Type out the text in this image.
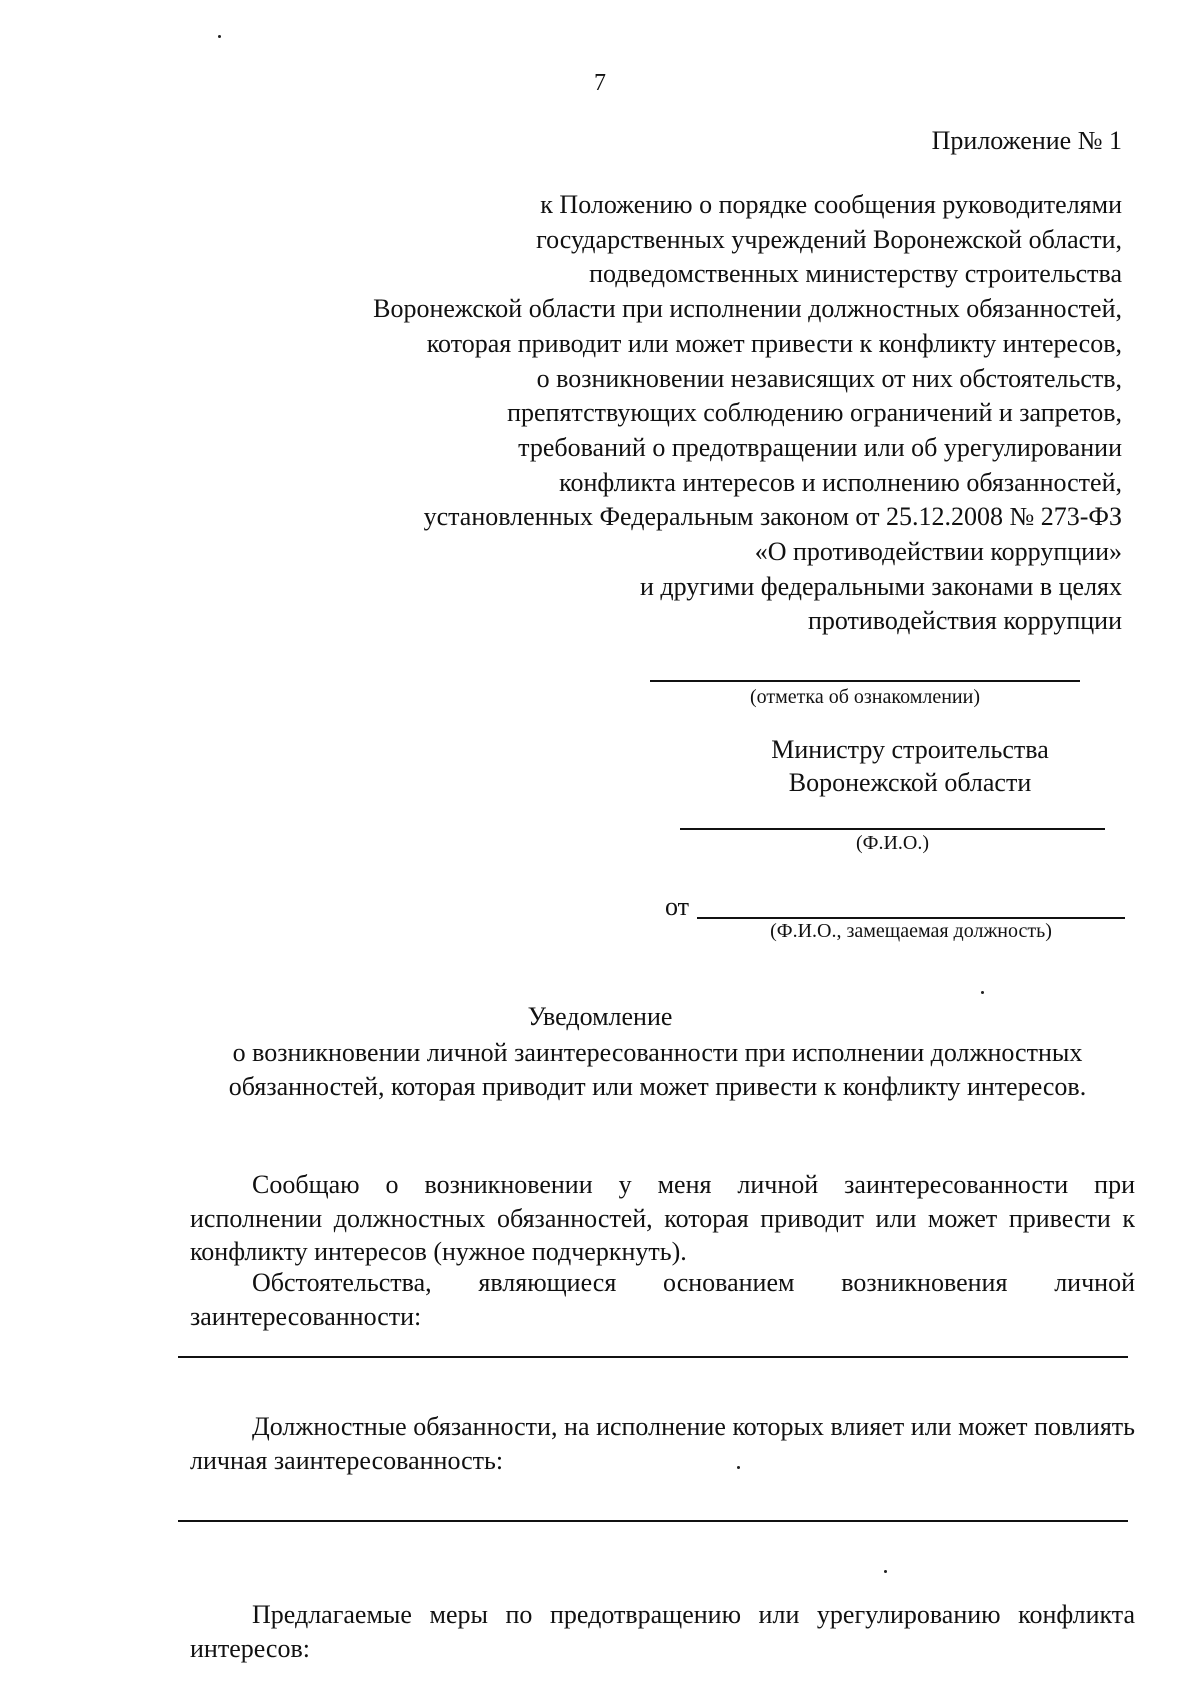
7
Приложение № 1
к Положению о порядке сообщения руководителями
государственных учреждений Воронежской области,
подведомственных министерству строительства
Воронежской области при исполнении должностных обязанностей,
которая приводит или может привести к конфликту интересов,
о возникновении независящих от них обстоятельств,
препятствующих соблюдению ограничений и запретов,
требований о предотвращении или об урегулировании
конфликта интересов и исполнению обязанностей,
установленных Федеральным законом от 25.12.2008 № 273-ФЗ
«О противодействии коррупции»
и другими федеральными законами в целях
противодействия коррупции
(отметка об ознакомлении)
Министру строительства
Воронежской области
(Ф.И.О.)
от
(Ф.И.О., замещаемая должность)
Уведомление
о возникновении личной заинтересованности при исполнении должностных
обязанностей, которая приводит или может привести к конфликту интересов.
Сообщаю о возникновении у меня личной заинтересованности при исполнении должностных обязанностей, которая приводит или может привести к конфликту интересов (нужное подчеркнуть).
Обстоятельства, являющиеся основанием возникновения личной заинтересованности:
Должностные обязанности, на исполнение которых влияет или может повлиять личная заинтересованность:
Предлагаемые меры по предотвращению или урегулированию конфликта интересов:
